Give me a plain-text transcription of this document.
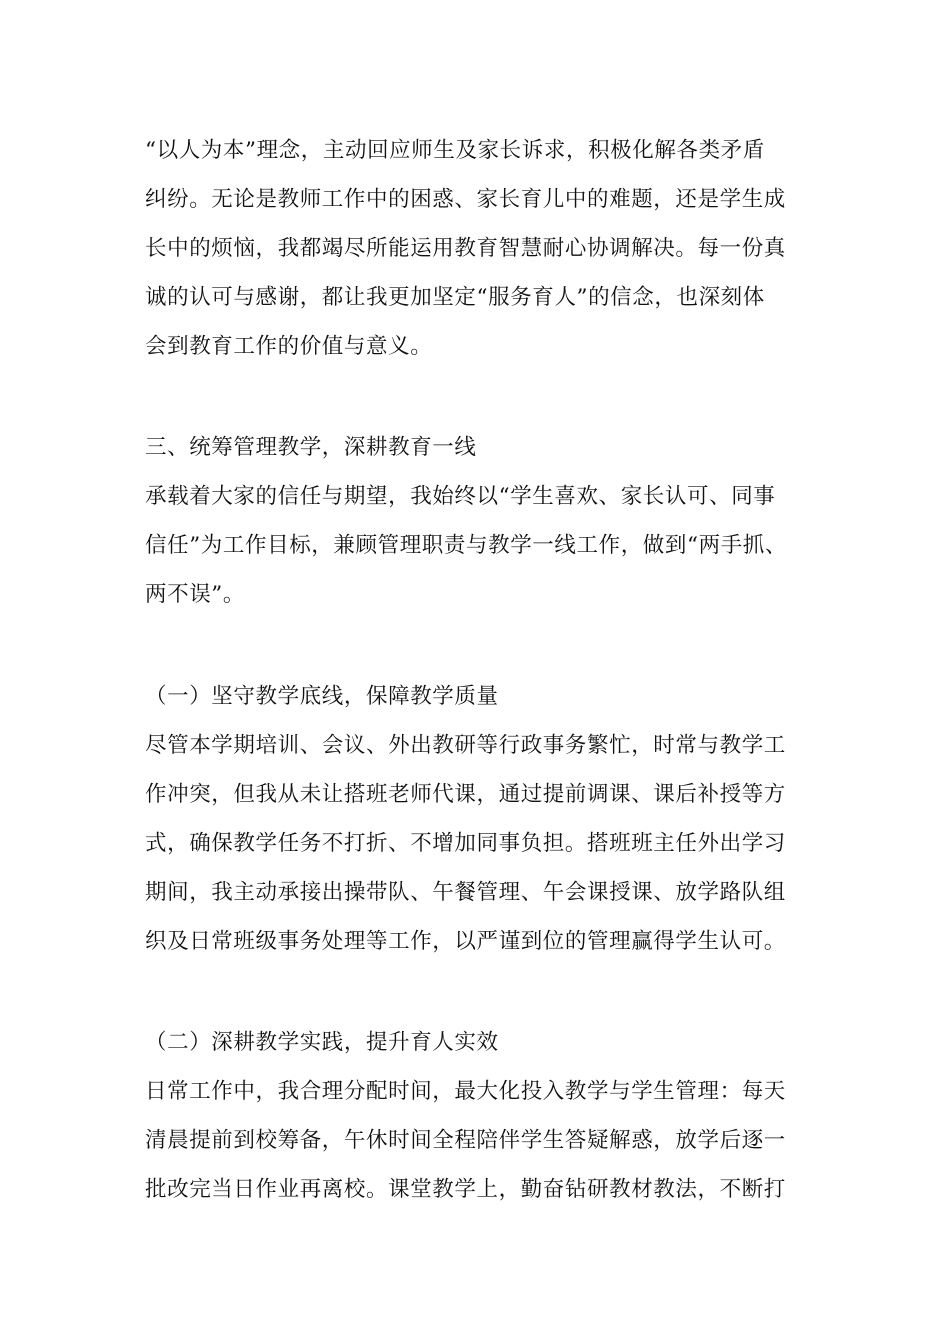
“以人为本”理念，主动回应师生及家长诉求，积极化解各类矛盾
纠纷。无论是教师工作中的困惑、家长育儿中的难题，还是学生成
长中的烦恼，我都竭尽所能运用教育智慧耐心协调解决。每一份真
诚的认可与感谢，都让我更加坚定“服务育人”的信念，也深刻体
会到教育工作的价值与意义。
三、统筹管理教学，深耕教育一线
承载着大家的信任与期望，我始终以“学生喜欢、家长认可、同事
信任”为工作目标，兼顾管理职责与教学一线工作，做到“两手抓、
两不误”。
（一）坚守教学底线，保障教学质量
尽管本学期培训、会议、外出教研等行政事务繁忙，时常与教学工
作冲突，但我从未让搭班老师代课，通过提前调课、课后补授等方
式，确保教学任务不打折、不增加同事负担。搭班班主任外出学习
期间，我主动承接出操带队、午餐管理、午会课授课、放学路队组
织及日常班级事务处理等工作，以严谨到位的管理赢得学生认可。
（二）深耕教学实践，提升育人实效
日常工作中，我合理分配时间，最大化投入教学与学生管理：每天
清晨提前到校筹备，午休时间全程陪伴学生答疑解惑，放学后逐一
批改完当日作业再离校。课堂教学上，勤奋钻研教材教法，不断打
